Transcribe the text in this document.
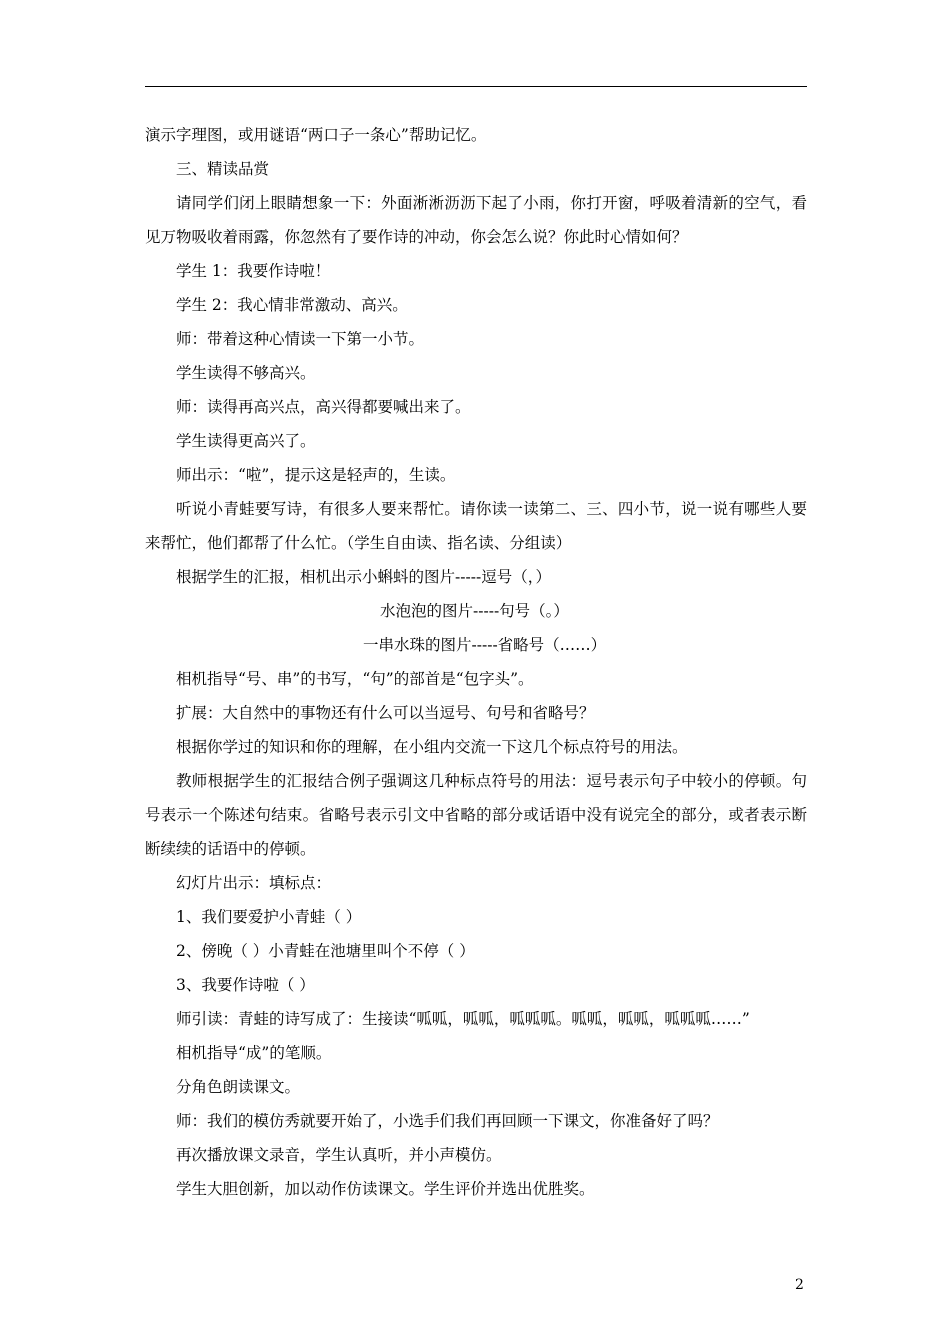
演示字理图，或用谜语“两口子一条心”帮助记忆。

三、精读品赏

请同学们闭上眼睛想象一下：外面淅淅沥沥下起了小雨，你打开窗，呼吸着清新的空气，看见万物吸收着雨露，你忽然有了要作诗的冲动，你会怎么说？你此时心情如何？

学生 1：我要作诗啦！

学生 2：我心情非常激动、高兴。

师：带着这种心情读一下第一小节。

学生读得不够高兴。

师：读得再高兴点，高兴得都要喊出来了。

学生读得更高兴了。

师出示：“啦”，提示这是轻声的，生读。

听说小青蛙要写诗，有很多人要来帮忙。请你读一读第二、三、四小节，说一说有哪些人要来帮忙，他们都帮了什么忙。（学生自由读、指名读、分组读）

根据学生的汇报，相机出示小蝌蚪的图片-----逗号（，）

水泡泡的图片-----句号（。）

一串水珠的图片-----省略号（……）

相机指导“号、串”的书写，“句”的部首是“包字头”。

扩展：大自然中的事物还有什么可以当逗号、句号和省略号？

根据你学过的知识和你的理解，在小组内交流一下这几个标点符号的用法。

教师根据学生的汇报结合例子强调这几种标点符号的用法：逗号表示句子中较小的停顿。句号表示一个陈述句结束。省略号表示引文中省略的部分或话语中没有说完全的部分，或者表示断断续续的话语中的停顿。

幻灯片出示：填标点：

1、我们要爱护小青蛙（ ）

2、傍晚（ ）小青蛙在池塘里叫个不停（ ）

3、我要作诗啦（ ）

师引读：青蛙的诗写成了：生接读“呱呱，呱呱，呱呱呱。呱呱，呱呱，呱呱呱……”

相机指导“成”的笔顺。

分角色朗读课文。

师：我们的模仿秀就要开始了，小选手们我们再回顾一下课文，你准备好了吗？

再次播放课文录音，学生认真听，并小声模仿。

学生大胆创新，加以动作仿读课文。学生评价并选出优胜奖。

2
